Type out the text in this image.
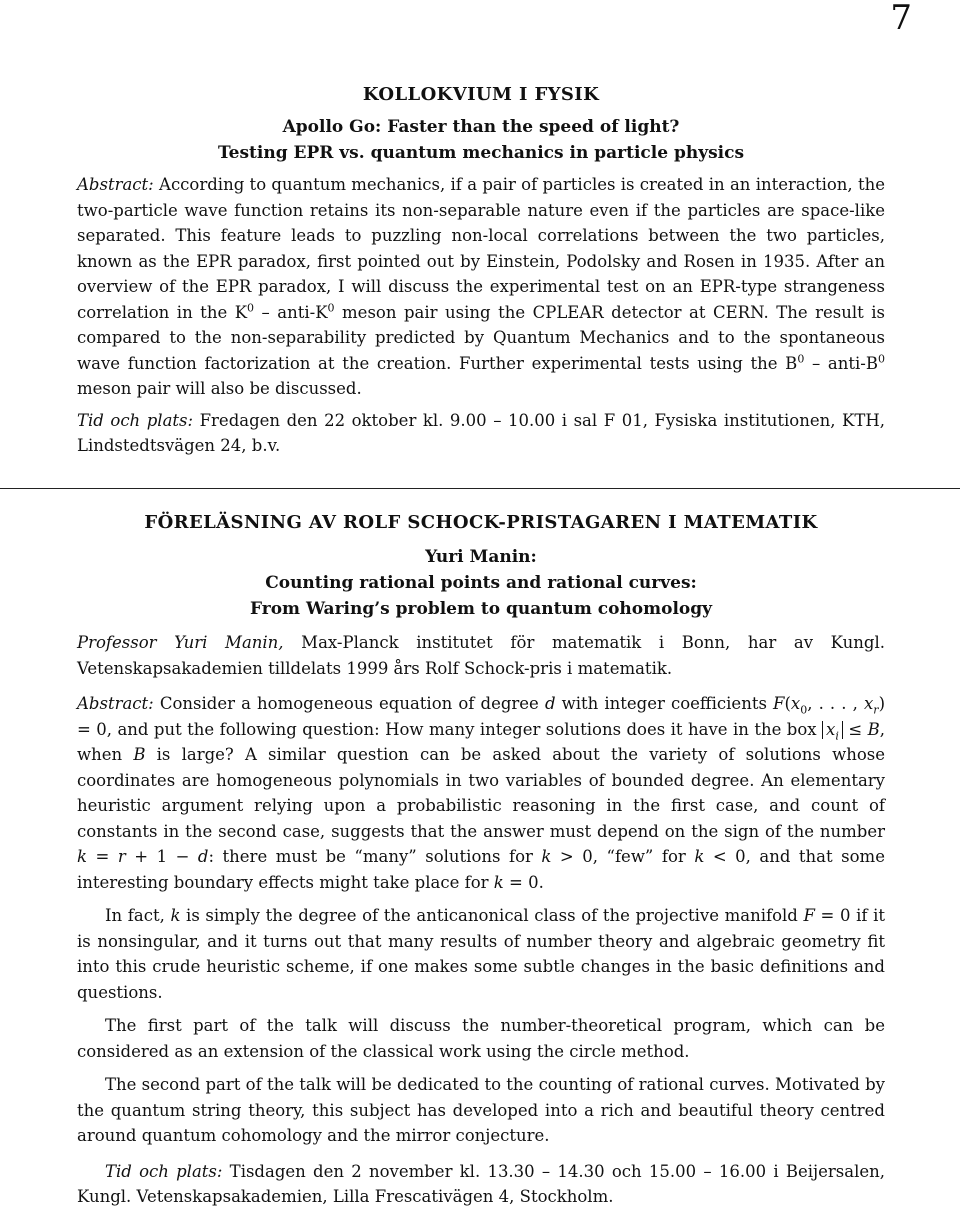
7
KOLLOKVIUM I FYSIK
Apollo Go: Faster than the speed of light?
Testing EPR vs. quantum mechanics in particle physics

Abstract: According to quantum mechanics, if a pair of particles is created in an interaction, the two-particle wave function retains its non-separable nature even if the particles are space-like separated. This feature leads to puzzling non-local correlations between the two particles, known as the EPR paradox, first pointed out by Einstein, Podolsky and Rosen in 1935. After an overview of the EPR paradox, I will discuss the experimental test on an EPR-type strangeness correlation in the $K^0$ – anti-$K^0$ meson pair using the CPLEAR detector at CERN. The result is compared to the non-separability predicted by Quantum Mechanics and to the spontaneous wave function factorization at the creation. Further experimental tests using the $B^0$ – anti-$B^0$ meson pair will also be discussed.

Tid och plats: Fredagen den 22 oktober kl. 9.00 – 10.00 i sal F 01, Fysiska institutionen, KTH, Lindstedtsvägen 24, b.v.

FÖRELÄSNING AV ROLF SCHOCK-PRISTAGAREN I MATEMATIK
Yuri Manin:
Counting rational points and rational curves:
From Waring’s problem to quantum cohomology

Professor Yuri Manin, Max-Planck institutet för matematik i Bonn, har av Kungl. Vetenskapsakademien tilldelats 1999 års Rolf Schock-pris i matematik.

Abstract: Consider a homogeneous equation of degree d with integer coefficients $F(x_0$, . . . , $x_r) = 0$, and put the following question: How many integer solutions does it have in the box $x_i \le B$, when B is large? A similar question can be asked about the variety of solutions whose coordinates are homogeneous polynomials in two variables of bounded degree. An elementary heuristic argument relying upon a probabilistic reasoning in the first case, and count of constants in the second case, suggests that the answer must depend on the sign of the number k = r + 1 − d: there must be “many” solutions for k > 0, “few” for k < 0, and that some interesting boundary effects might take place for k = 0.

In fact, k is simply the degree of the anticanonical class of the projective manifold F = 0 if it is nonsingular, and it turns out that many results of number theory and algebraic geometry fit into this crude heuristic scheme, if one makes some subtle changes in the basic definitions and questions.

The first part of the talk will discuss the number-theoretical program, which can be considered as an extension of the classical work using the circle method.

The second part of the talk will be dedicated to the counting of rational curves. Motivated by the quantum string theory, this subject has developed into a rich and beautiful theory centred around quantum cohomology and the mirror conjecture.

Tid och plats: Tisdagen den 2 november kl. 13.30 – 14.30 och 15.00 – 16.00 i Beijersalen, Kungl. Vetenskapsakademien, Lilla Frescativägen 4, Stockholm.
